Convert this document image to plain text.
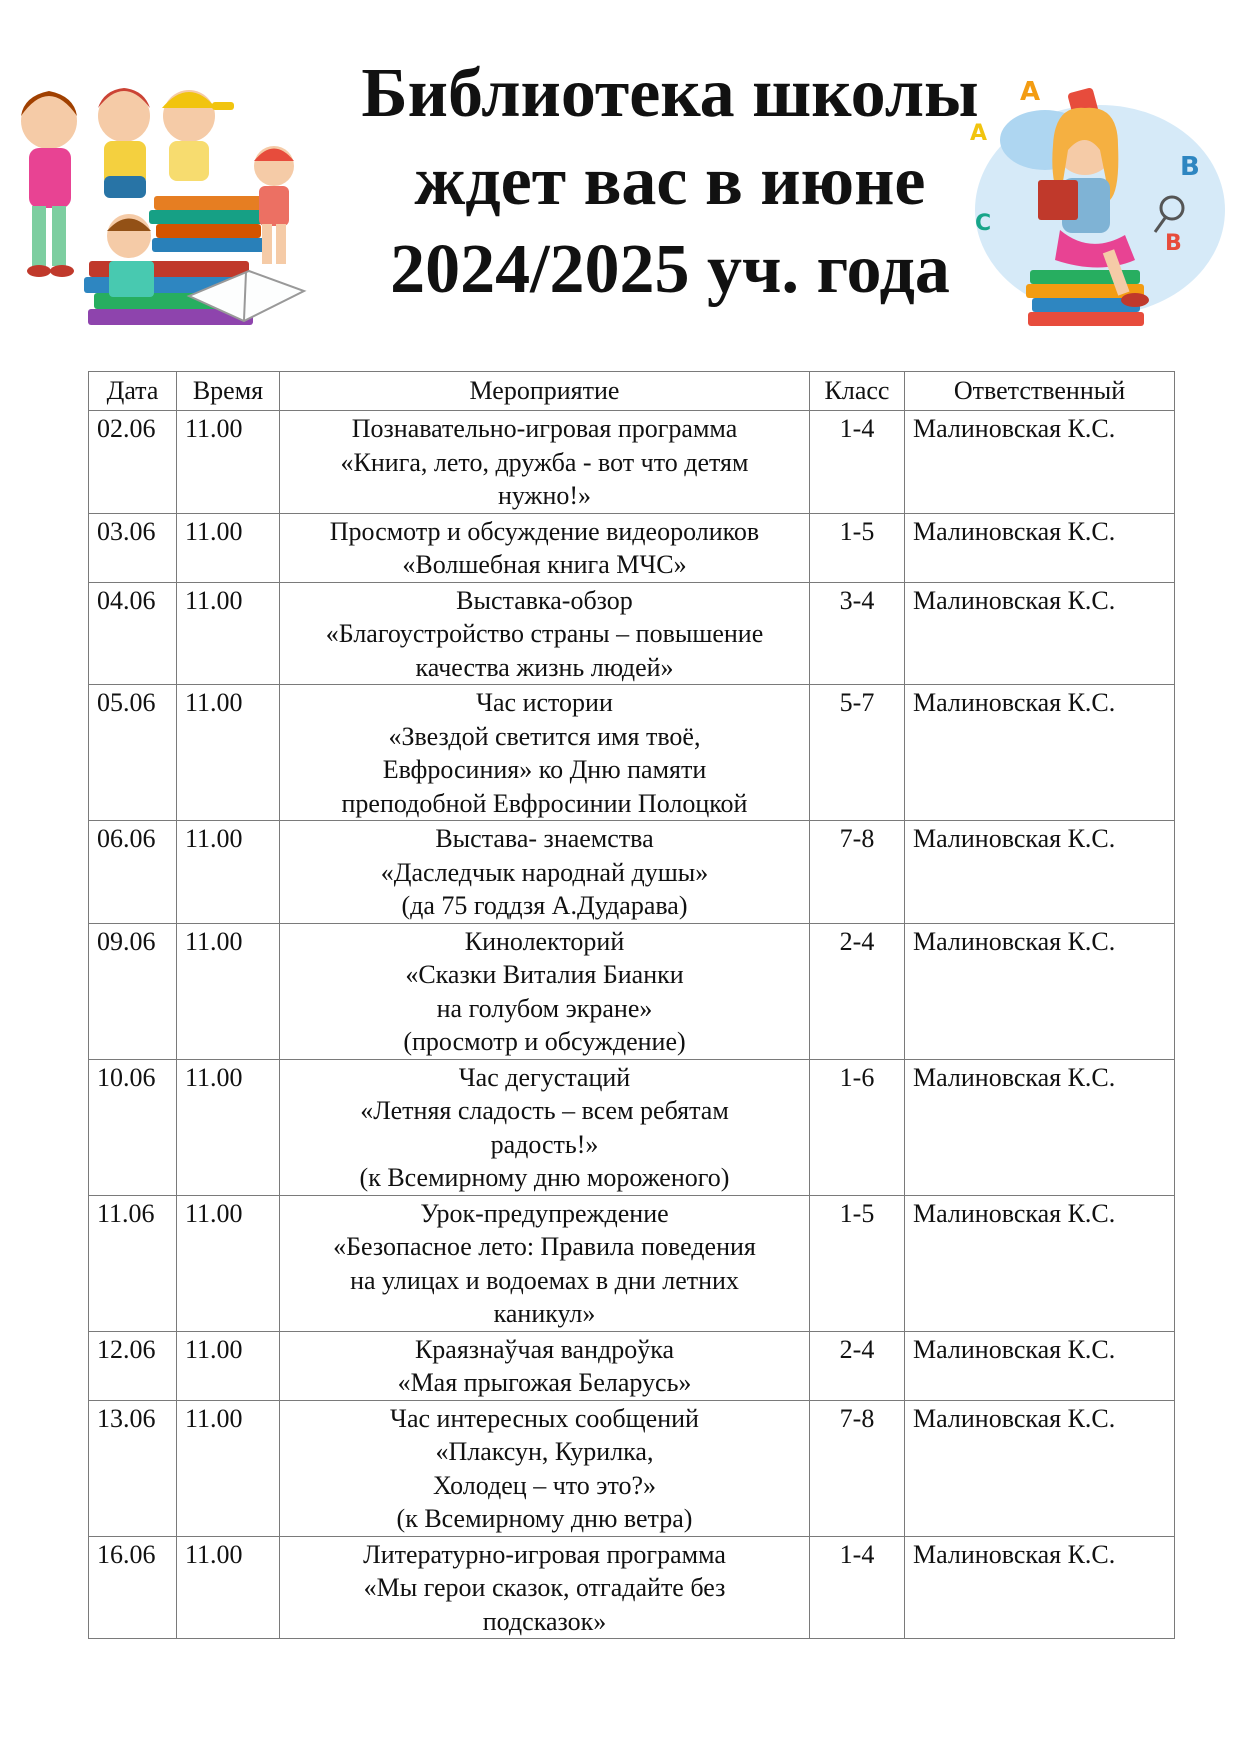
A
B
A
B
C
Библиотека школы
ждет вас в июне
2024/2025 уч. года
Дата	Время	Мероприятие	Класс	Ответственный
02.06	11.00	Познавательно-игровая программа
«Книга, лето, дружба - вот что детям
нужно!»	1-4	Малиновская К.С.
03.06	11.00	Просмотр и обсуждение видеороликов
«Волшебная книга МЧС»	1-5	Малиновская К.С.
04.06	11.00	Выставка-обзор
«Благоустройство страны – повышение
качества жизнь людей»	3-4	Малиновская К.С.
05.06	11.00	Час истории
«Звездой светится имя твоё,
Евфросиния» ко Дню памяти
преподобной Евфросинии Полоцкой	5-7	Малиновская К.С.
06.06	11.00	Выстава- знаемства
«Даследчык народнай душы»
(да 75 годдзя А.Дударава)	7-8	Малиновская К.С.
09.06	11.00	Кинолекторий
«Сказки Виталия Бианки
на голубом экране»
(просмотр и обсуждение)	2-4	Малиновская К.С.
10.06	11.00	Час дегустаций
«Летняя сладость – всем ребятам
радость!»
(к Всемирному дню мороженого)	1-6	Малиновская К.С.
11.06	11.00	Урок-предупреждение
«Безопасное лето: Правила поведения
на улицах и водоемах в дни летних
каникул»	1-5	Малиновская К.С.
12.06	11.00	Краязнаўчая вандроўка
«Мая прыгожая Беларусь»	2-4	Малиновская К.С.
13.06	11.00	Час интересных сообщений
«Плаксун, Курилка,
Холодец – что это?»
(к Всемирному дню ветра)	7-8	Малиновская К.С.
16.06	11.00	Литературно-игровая программа
«Мы герои сказок, отгадайте без
подсказок»	1-4	Малиновская К.С.
